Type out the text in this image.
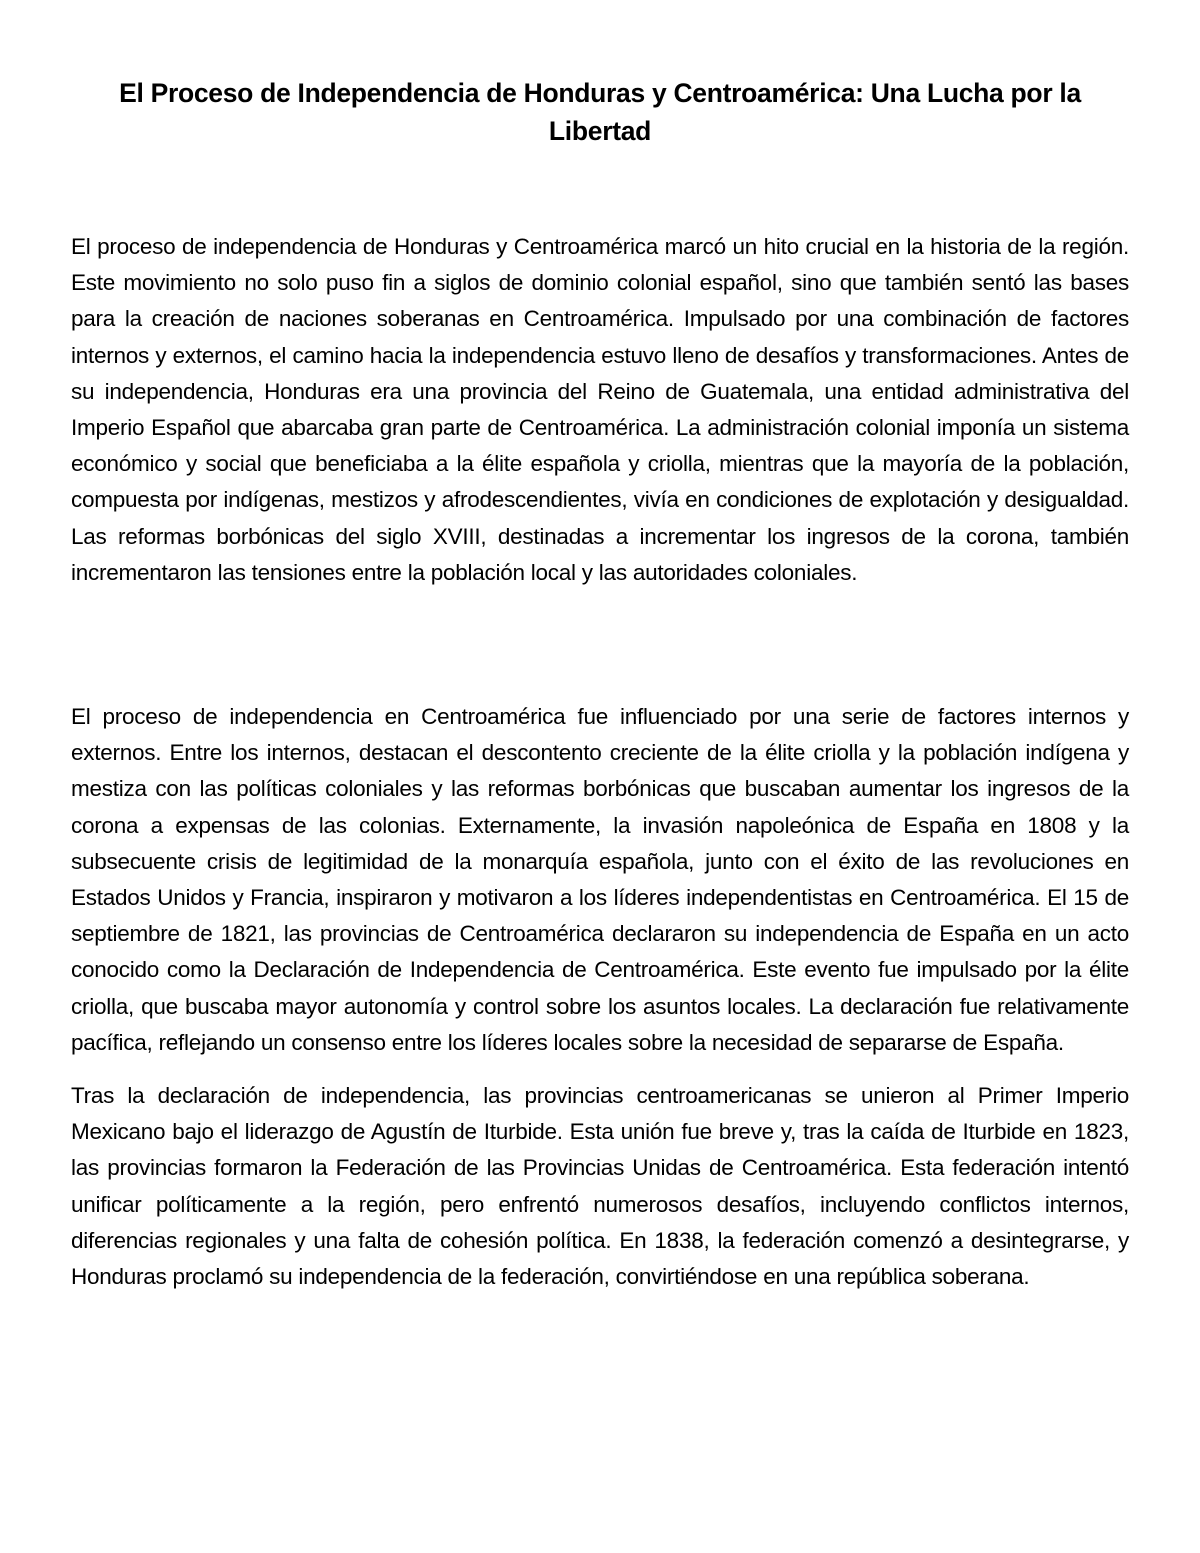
El Proceso de Independencia de Honduras y Centroamérica: Una Lucha por la Libertad

El proceso de independencia de Honduras y Centroamérica marcó un hito crucial en la historia de la región. Este movimiento no solo puso fin a siglos de dominio colonial español, sino que también sentó las bases para la creación de naciones soberanas en Centroamérica. Impulsado por una combinación de factores internos y externos, el camino hacia la independencia estuvo lleno de desafíos y transformaciones. Antes de su independencia, Honduras era una provincia del Reino de Guatemala, una entidad administrativa del Imperio Español que abarcaba gran parte de Centroamérica. La administración colonial imponía un sistema económico y social que beneficiaba a la élite española y criolla, mientras que la mayoría de la población, compuesta por indígenas, mestizos y afrodescendientes, vivía en condiciones de explotación y desigualdad. Las reformas borbónicas del siglo XVIII, destinadas a incrementar los ingresos de la corona, también incrementaron las tensiones entre la población local y las autoridades coloniales.

El proceso de independencia en Centroamérica fue influenciado por una serie de factores internos y externos. Entre los internos, destacan el descontento creciente de la élite criolla y la población indígena y mestiza con las políticas coloniales y las reformas borbónicas que buscaban aumentar los ingresos de la corona a expensas de las colonias. Externamente, la invasión napoleónica de España en 1808 y la subsecuente crisis de legitimidad de la monarquía española, junto con el éxito de las revoluciones en Estados Unidos y Francia, inspiraron y motivaron a los líderes independentistas en Centroamérica. El 15 de septiembre de 1821, las provincias de Centroamérica declararon su independencia de España en un acto conocido como la Declaración de Independencia de Centroamérica. Este evento fue impulsado por la élite criolla, que buscaba mayor autonomía y control sobre los asuntos locales. La declaración fue relativamente pacífica, reflejando un consenso entre los líderes locales sobre la necesidad de separarse de España.

Tras la declaración de independencia, las provincias centroamericanas se unieron al Primer Imperio Mexicano bajo el liderazgo de Agustín de Iturbide. Esta unión fue breve y, tras la caída de Iturbide en 1823, las provincias formaron la Federación de las Provincias Unidas de Centroamérica. Esta federación intentó unificar políticamente a la región, pero enfrentó numerosos desafíos, incluyendo conflictos internos, diferencias regionales y una falta de cohesión política. En 1838, la federación comenzó a desintegrarse, y Honduras proclamó su independencia de la federación, convirtiéndose en una república soberana.
